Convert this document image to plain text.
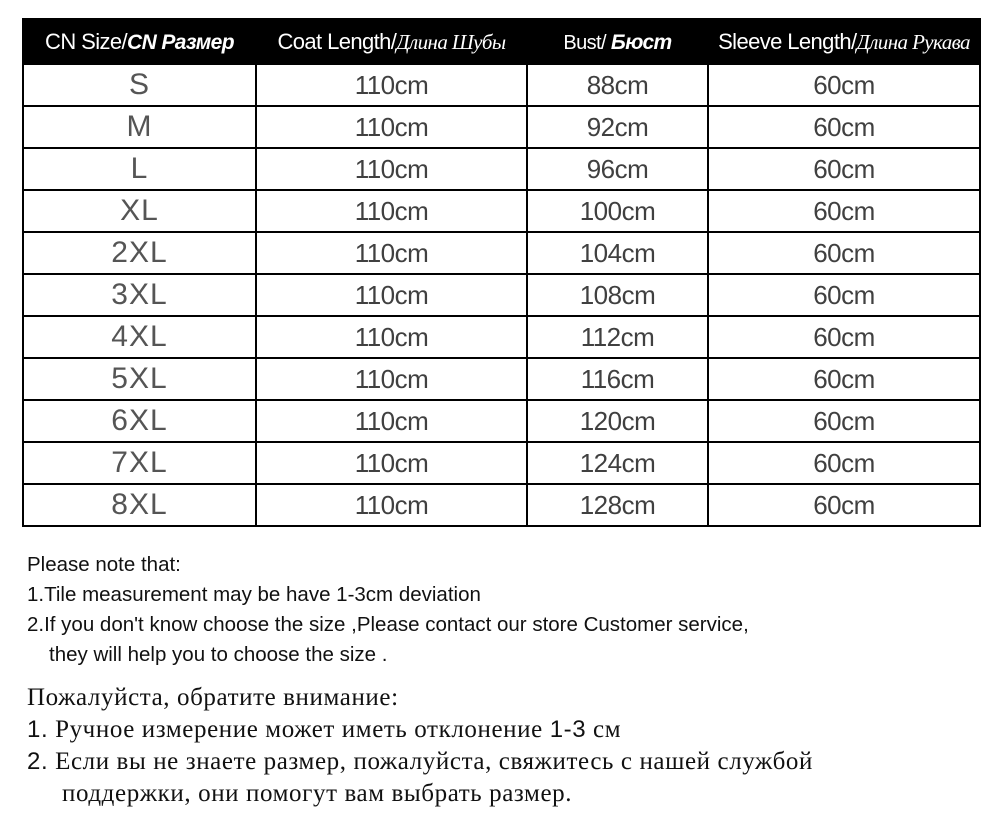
CN Size/CN Размер	Coat Length/Длина Шубы	Bust/ Бюст	Sleeve Length/Длина Рукава
S	110cm	88cm	60cm
M	110cm	92cm	60cm
L	110cm	96cm	60cm
XL	110cm	100cm	60cm
2XL	110cm	104cm	60cm
3XL	110cm	108cm	60cm
4XL	110cm	112cm	60cm
5XL	110cm	116cm	60cm
6XL	110cm	120cm	60cm
7XL	110cm	124cm	60cm
8XL	110cm	128cm	60cm
Please note that:
1.Tile measurement may be have 1-3cm deviation
2.If you don't know choose the size ,Please contact our store Customer service,
they will help you to choose the size .
Пожалуйста, обратите внимание:
1. Ручное измерение может иметь отклонение 1-3 см
2. Если вы не знаете размер, пожалуйста, свяжитесь с нашей службой
поддержки, они помогут вам выбрать размер.
